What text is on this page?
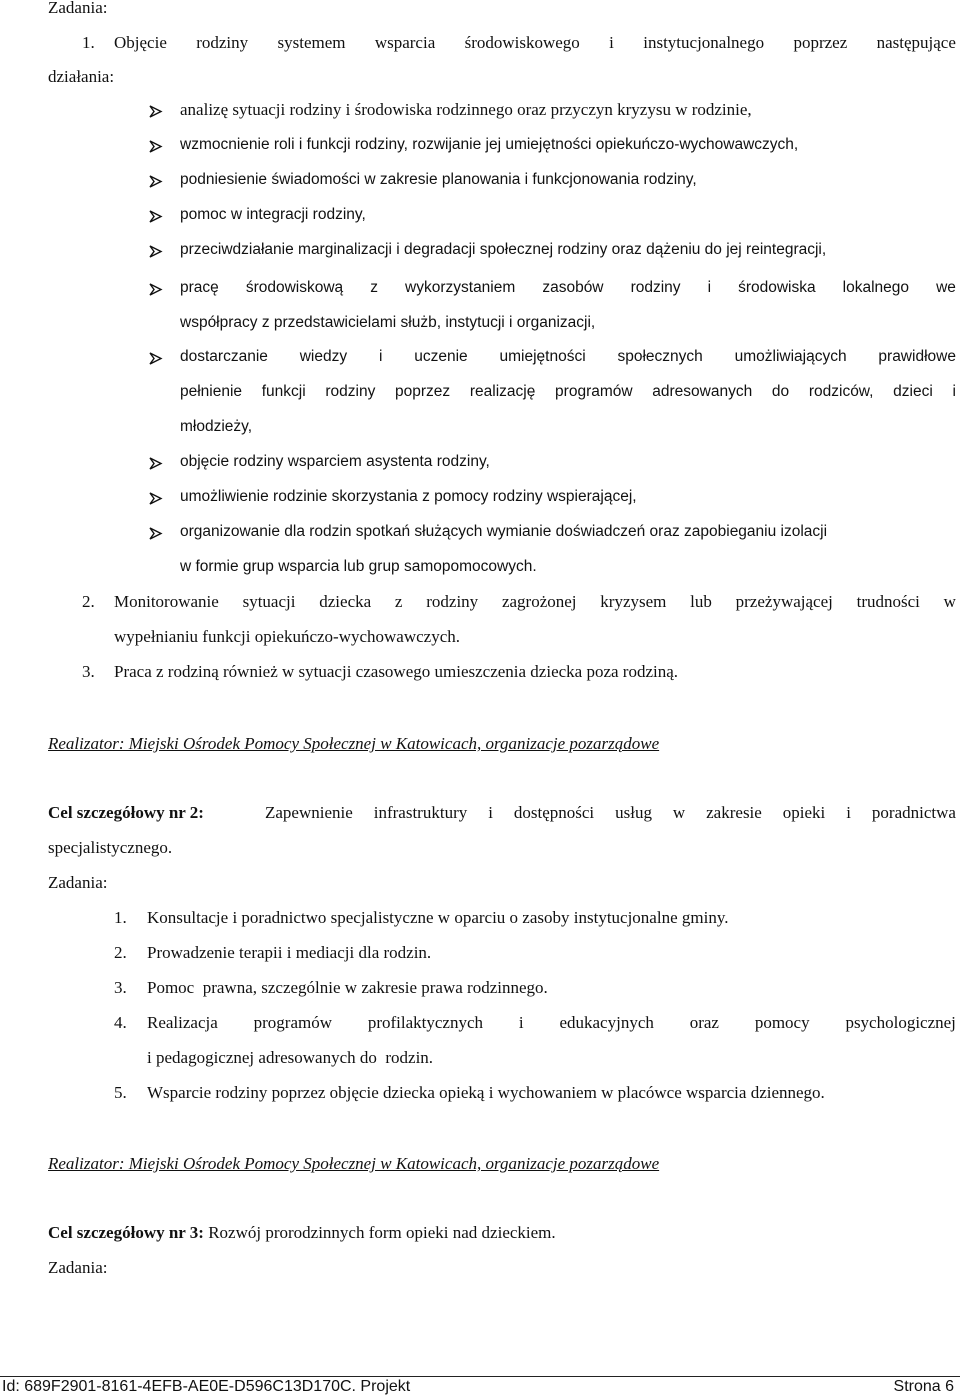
Zadania:
1. Objęcie rodziny systemem wsparcia środowiskowego i instytucjonalnego poprzez następujące
działania:
analizę sytuacji rodziny i środowiska rodzinnego oraz przyczyn kryzysu w rodzinie,
wzmocnienie roli i funkcji rodziny, rozwijanie jej umiejętności opiekuńczo-wychowawczych,
podniesienie świadomości w zakresie planowania i funkcjonowania rodziny,
pomoc w integracji rodziny,
przeciwdziałanie marginalizacji i degradacji społecznej rodziny oraz dążeniu do jej reintegracji,
pracę środowiskową z wykorzystaniem zasobów rodziny i środowiska lokalnego we
współpracy z przedstawicielami służb, instytucji i organizacji,
dostarczanie wiedzy i uczenie umiejętności społecznych umożliwiających prawidłowe
pełnienie funkcji rodziny poprzez realizację programów adresowanych do rodziców, dzieci i
młodzieży,
objęcie rodziny wsparciem asystenta rodziny,
umożliwienie rodzinie skorzystania z pomocy rodziny wspierającej,
organizowanie dla rodzin spotkań służących wymianie doświadczeń oraz zapobieganiu izolacji
w formie grup wsparcia lub grup samopomocowych.
2. Monitorowanie sytuacji dziecka z rodziny zagrożonej kryzysem lub przeżywającej trudności w
wypełnianiu funkcji opiekuńczo-wychowawczych.
3. Praca z rodziną również w sytuacji czasowego umieszczenia dziecka poza rodziną.
Realizator: Miejski Ośrodek Pomocy Społecznej w Katowicach, organizacje pozarządowe
Cel szczegółowy nr 2:	Zapewnienie infrastruktury i dostępności usług w zakresie opieki i poradnictwa
specjalistycznego.
Zadania:
1. Konsultacje i poradnictwo specjalistyczne w oparciu o zasoby instytucjonalne gminy.
2. Prowadzenie terapii i mediacji dla rodzin.
3. Pomoc  prawna, szczególnie w zakresie prawa rodzinnego.
4. Realizacja programów profilaktycznych i edukacyjnych oraz pomocy psychologicznej
i pedagogicznej adresowanych do  rodzin.
5. Wsparcie rodziny poprzez objęcie dziecka opieką i wychowaniem w placówce wsparcia dziennego.
Realizator: Miejski Ośrodek Pomocy Społecznej w Katowicach, organizacje pozarządowe
Cel szczegółowy nr 3: Rozwój prorodzinnych form opieki nad dzieckiem.
Zadania:
Id: 689F2901-8161-4EFB-AE0E-D596C13D170C. Projekt	Strona 6
